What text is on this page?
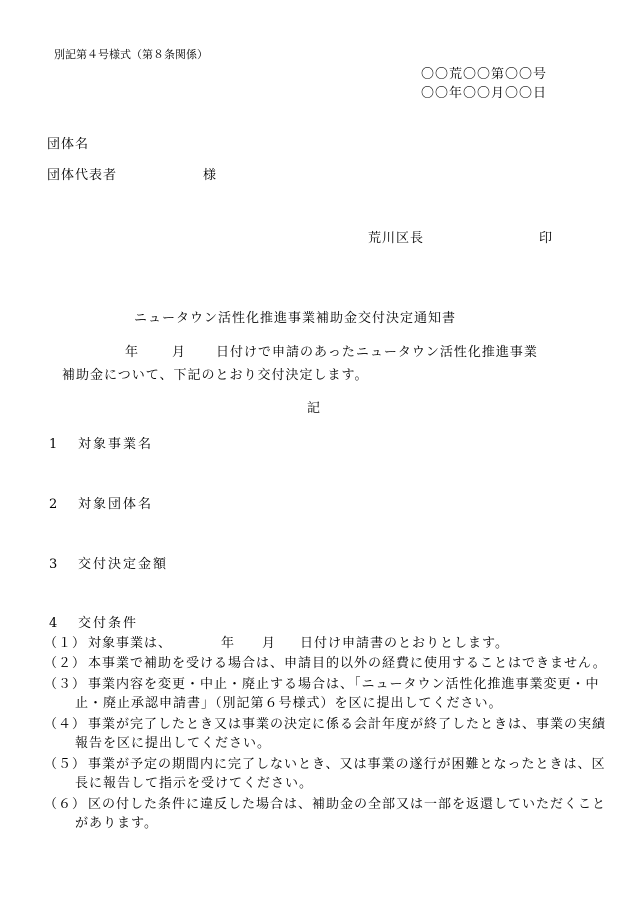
別記第４号様式（第８条関係）
〇〇荒〇〇第〇〇号
〇〇年〇〇月〇〇日
団体名
団体代表者	様
荒川区長	印
ニュータウン活性化推進事業補助金交付決定通知書
年	月 日付けで申請のあったニュータウン活性化推進事業
補助金について、下記のとおり交付決定します。
記
1 対象事業名
2 対象団体名
3 交付決定金額
4 交付条件
（１） 対象事業は、	年 月 日付け申請書のとおりとします。
（２） 本事業で補助を受ける場合は、申請目的以外の経費に使用することはできません。
（３） 事業内容を変更・中止・廃止する場合は、「ニュータウン活性化推進事業変更・中
止・廃止承認申請書」（別記第６号様式）を区に提出してください。
（４） 事業が完了したとき又は事業の決定に係る会計年度が終了したときは、事業の実績
報告を区に提出してください。
（５） 事業が予定の期間内に完了しないとき、又は事業の遂行が困難となったときは、区
長に報告して指示を受けてください。
（６） 区の付した条件に違反した場合は、補助金の全部又は一部を返還していただくこと
があります。
